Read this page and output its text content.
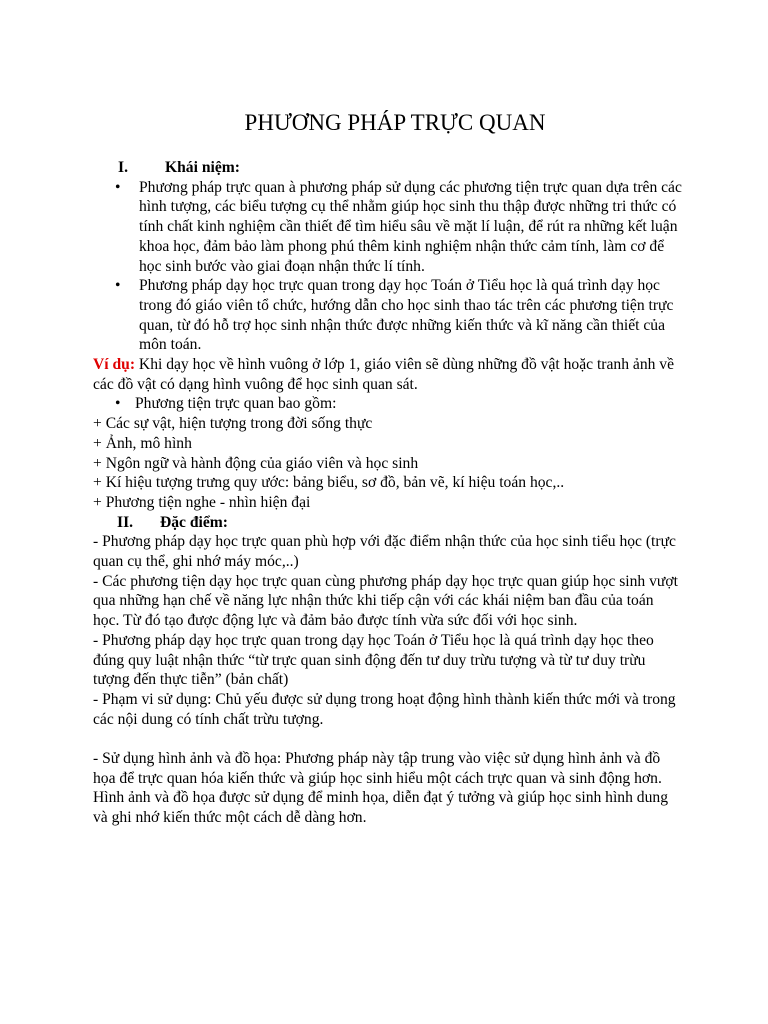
PHƯƠNG PHÁP TRỰC QUAN
I. Khái niệm:
• Phương pháp trực quan à phương pháp sử dụng các phương tiện trực quan dựa trên các hình tượng, các biểu tượng cụ thể nhằm giúp học sinh thu thập được những tri thức có tính chất kinh nghiệm cần thiết để tìm hiểu sâu về mặt lí luận, để rút ra những kết luận khoa học, đảm bảo làm phong phú thêm kinh nghiệm nhận thức cảm tính, làm cơ để học sinh bước vào giai đoạn nhận thức lí tính.
• Phương pháp dạy học trực quan trong dạy học Toán ở Tiểu học là quá trình dạy học trong đó giáo viên tổ chức, hướng dẫn cho học sinh thao tác trên các phương tiện trực quan, từ đó hỗ trợ học sinh nhận thức được những kiến thức và kĩ năng cần thiết của môn toán.
Ví dụ: Khi dạy học về hình vuông ở lớp 1, giáo viên sẽ dùng những đồ vật hoặc tranh ảnh về các đồ vật có dạng hình vuông để học sinh quan sát.
• Phương tiện trực quan bao gồm:
+ Các sự vật, hiện tượng trong đời sống thực
+ Ảnh, mô hình
+ Ngôn ngữ và hành động của giáo viên và học sinh
+ Kí hiệu tượng trưng quy ước: bảng biểu, sơ đồ, bản vẽ, kí hiệu toán học,..
+ Phương tiện nghe - nhìn hiện đại
II. Đặc điểm:
- Phương pháp dạy học trực quan phù hợp với đặc điểm nhận thức của học sinh tiểu học (trực quan cụ thể, ghi nhớ máy móc,..)
- Các phương tiện dạy học trực quan cùng phương pháp dạy học trực quan giúp học sinh vượt qua những hạn chế về năng lực nhận thức khi tiếp cận với các khái niệm ban đầu của toán học. Từ đó tạo được động lực và đảm bảo được tính vừa sức đối với học sinh.
- Phương pháp dạy học trực quan trong dạy học Toán ở Tiểu học là quá trình dạy học theo đúng quy luật nhận thức “từ trực quan sinh động đến tư duy trừu tượng và từ tư duy trừu tượng đến thực tiễn” (bản chất)
- Phạm vi sử dụng: Chủ yếu được sử dụng trong hoạt động hình thành kiến thức mới và trong các nội dung có tính chất trừu tượng.
- Sử dụng hình ảnh và đồ họa: Phương pháp này tập trung vào việc sử dụng hình ảnh và đồ họa để trực quan hóa kiến thức và giúp học sinh hiểu một cách trực quan và sinh động hơn. Hình ảnh và đồ họa được sử dụng để minh họa, diễn đạt ý tưởng và giúp học sinh hình dung và ghi nhớ kiến thức một cách dễ dàng hơn.
